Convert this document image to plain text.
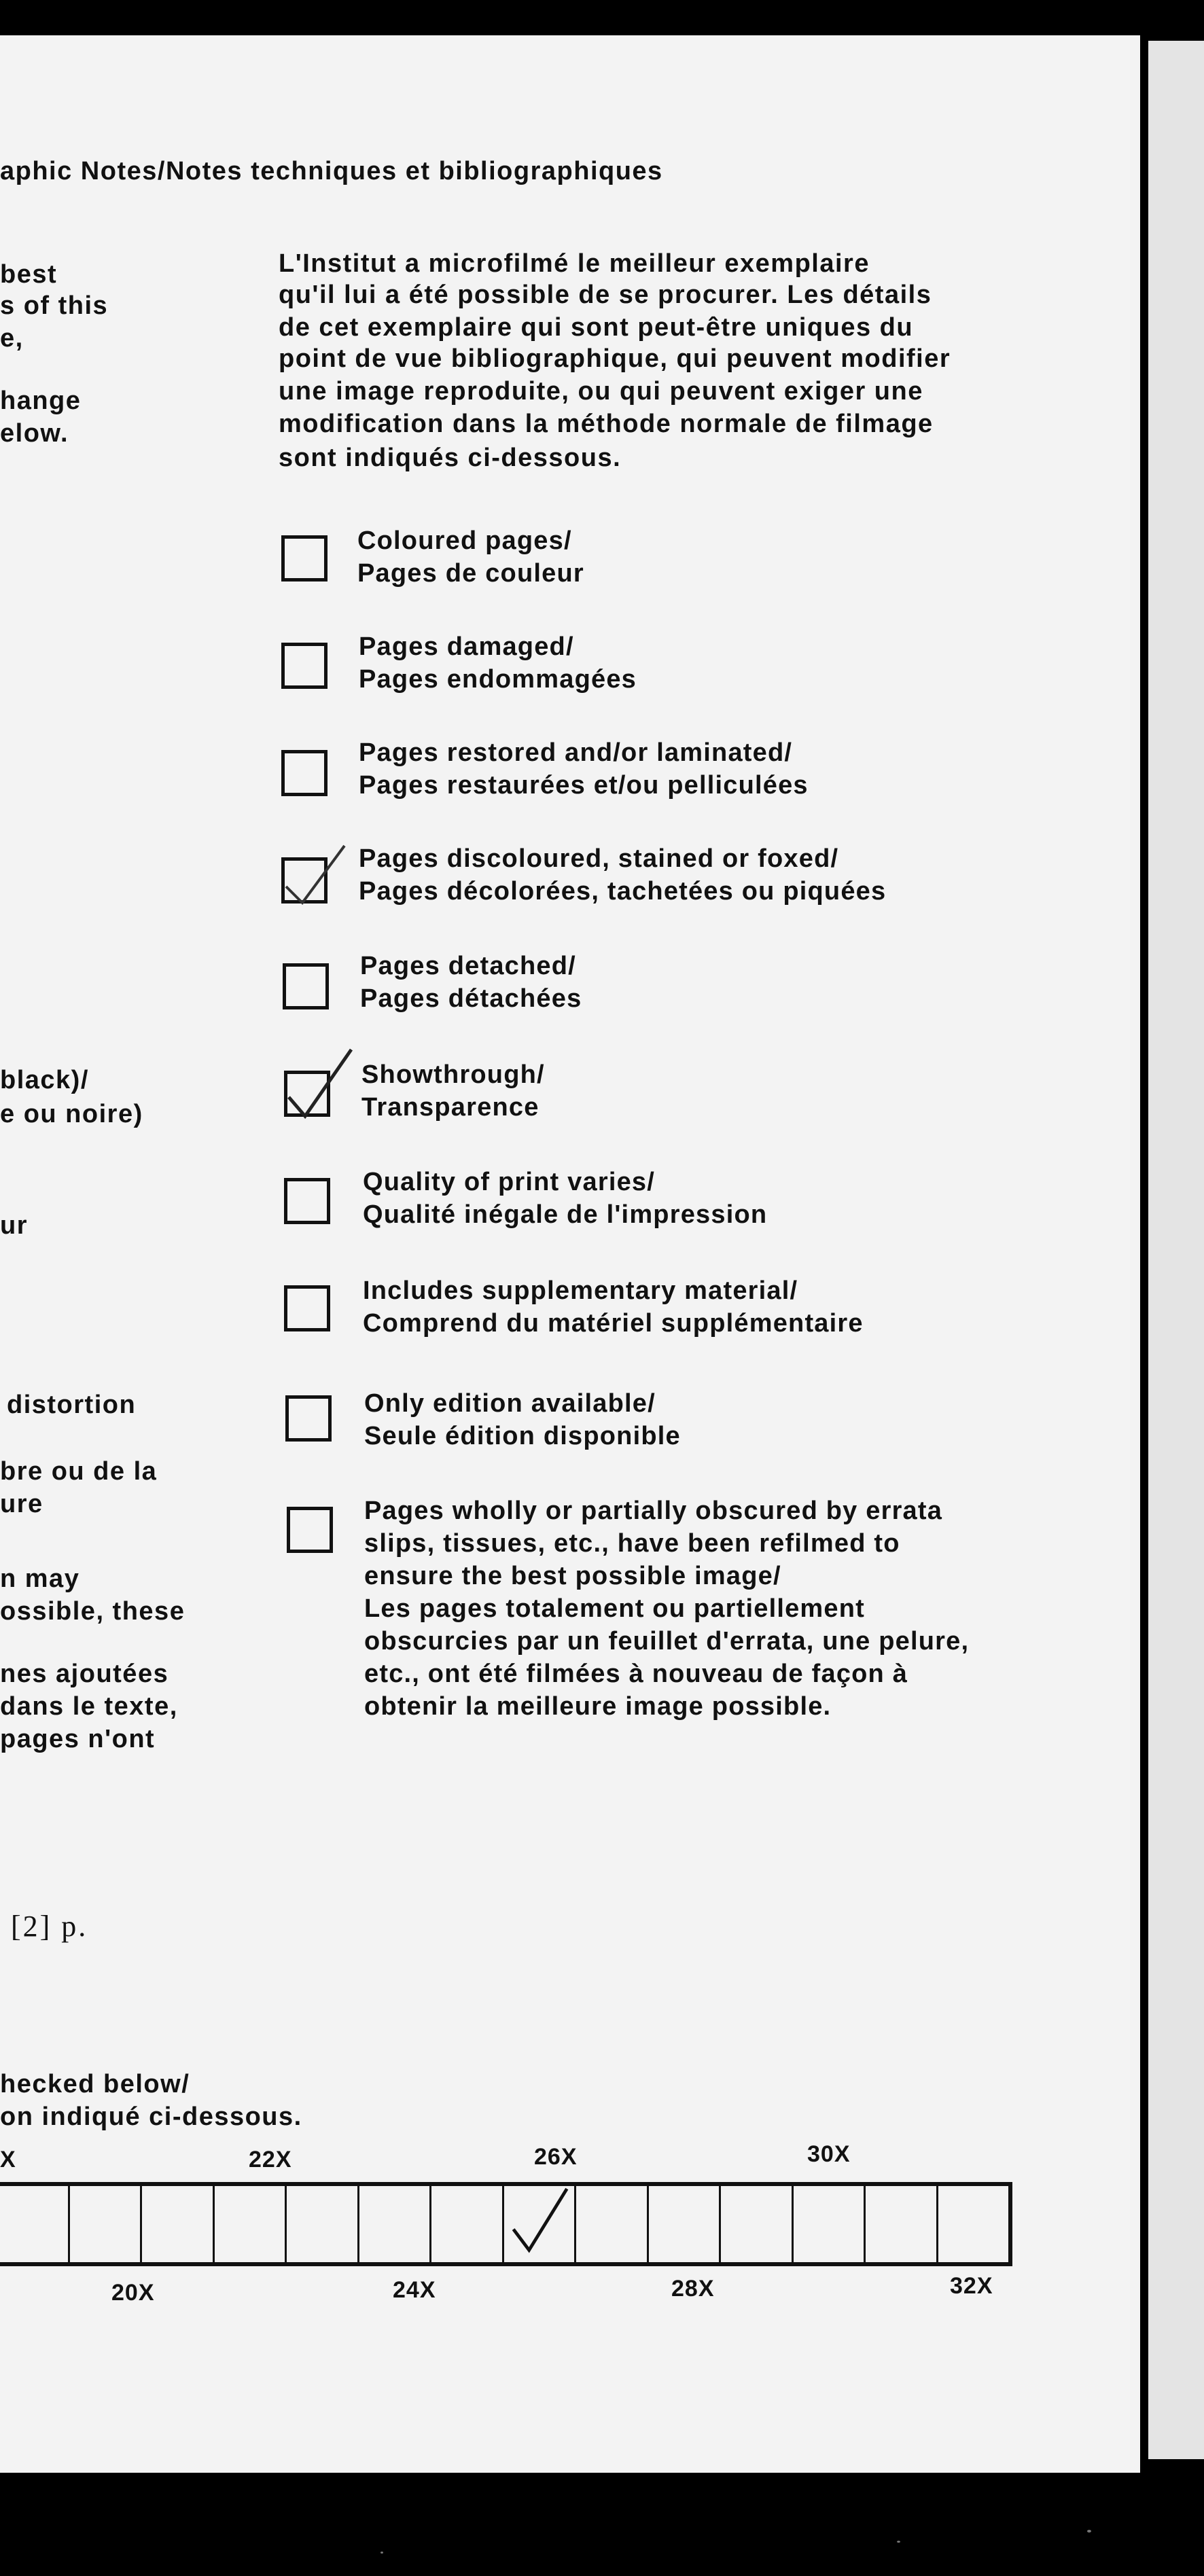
aphic Notes/Notes techniques et bibliographiques
best
s of this
e,
hange
elow.
black)/
e ou noire)
ur
distortion
bre ou de la
ure
n may
ossible, these
nes ajoutées
dans le texte,
pages n'ont
L'Institut a microfilmé le meilleur exemplaire
qu'il lui a été possible de se procurer. Les détails
de cet exemplaire qui sont peut-être uniques du
point de vue bibliographique, qui peuvent modifier
une image reproduite, ou qui peuvent exiger une
modification dans la méthode normale de filmage
sont indiqués ci-dessous.
Coloured pages/
Pages de couleur
Pages damaged/
Pages endommagées
Pages restored and/or laminated/
Pages restaurées et/ou pelliculées
Pages discoloured, stained or foxed/
Pages décolorées, tachetées ou piquées
Pages detached/
Pages détachées
Showthrough/
Transparence
Quality of print varies/
Qualité inégale de l'impression
Includes supplementary material/
Comprend du matériel supplémentaire
Only edition available/
Seule édition disponible
Pages wholly or partially obscured by errata
slips, tissues, etc., have been refilmed to
ensure the best possible image/
Les pages totalement ou partiellement
obscurcies par un feuillet d'errata, une pelure,
etc., ont été filmées à nouveau de façon à
obtenir la meilleure image possible.
[2] p.
hecked below/
on indiqué ci-dessous.
X	22X	26X	30X
20X	24X	28X	32X
